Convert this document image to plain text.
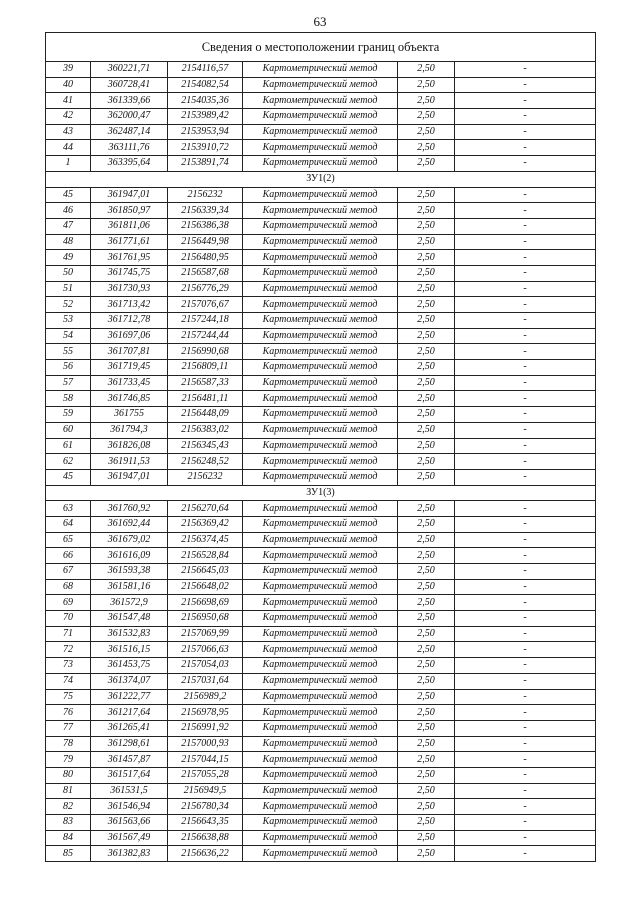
63
Сведения о местоположении границ объекта					
39	360221,71	2154116,57	Картометрический метод	2,50	-
40	360728,41	2154082,54	Картометрический метод	2,50	-
41	361339,66	2154035,36	Картометрический метод	2,50	-
42	362000,47	2153989,42	Картометрический метод	2,50	-
43	362487,14	2153953,94	Картометрический метод	2,50	-
44	363111,76	2153910,72	Картометрический метод	2,50	-
1	363395,64	2153891,74	Картометрический метод	2,50	-
ЗУ1(2)					
45	361947,01	2156232	Картометрический метод	2,50	-
46	361850,97	2156339,34	Картометрический метод	2,50	-
47	361811,06	2156386,38	Картометрический метод	2,50	-
48	361771,61	2156449,98	Картометрический метод	2,50	-
49	361761,95	2156480,95	Картометрический метод	2,50	-
50	361745,75	2156587,68	Картометрический метод	2,50	-
51	361730,93	2156776,29	Картометрический метод	2,50	-
52	361713,42	2157076,67	Картометрический метод	2,50	-
53	361712,78	2157244,18	Картометрический метод	2,50	-
54	361697,06	2157244,44	Картометрический метод	2,50	-
55	361707,81	2156990,68	Картометрический метод	2,50	-
56	361719,45	2156809,11	Картометрический метод	2,50	-
57	361733,45	2156587,33	Картометрический метод	2,50	-
58	361746,85	2156481,11	Картометрический метод	2,50	-
59	361755	2156448,09	Картометрический метод	2,50	-
60	361794,3	2156383,02	Картометрический метод	2,50	-
61	361826,08	2156345,43	Картометрический метод	2,50	-
62	361911,53	2156248,52	Картометрический метод	2,50	-
45	361947,01	2156232	Картометрический метод	2,50	-
ЗУ1(3)					
63	361760,92	2156270,64	Картометрический метод	2,50	-
64	361692,44	2156369,42	Картометрический метод	2,50	-
65	361679,02	2156374,45	Картометрический метод	2,50	-
66	361616,09	2156528,84	Картометрический метод	2,50	-
67	361593,38	2156645,03	Картометрический метод	2,50	-
68	361581,16	2156648,02	Картометрический метод	2,50	-
69	361572,9	2156698,69	Картометрический метод	2,50	-
70	361547,48	2156950,68	Картометрический метод	2,50	-
71	361532,83	2157069,99	Картометрический метод	2,50	-
72	361516,15	2157066,63	Картометрический метод	2,50	-
73	361453,75	2157054,03	Картометрический метод	2,50	-
74	361374,07	2157031,64	Картометрический метод	2,50	-
75	361222,77	2156989,2	Картометрический метод	2,50	-
76	361217,64	2156978,95	Картометрический метод	2,50	-
77	361265,41	2156991,92	Картометрический метод	2,50	-
78	361298,61	2157000,93	Картометрический метод	2,50	-
79	361457,87	2157044,15	Картометрический метод	2,50	-
80	361517,64	2157055,28	Картометрический метод	2,50	-
81	361531,5	2156949,5	Картометрический метод	2,50	-
82	361546,94	2156780,34	Картометрический метод	2,50	-
83	361563,66	2156643,35	Картометрический метод	2,50	-
84	361567,49	2156638,88	Картометрический метод	2,50	-
85	361382,83	2156636,22	Картометрический метод	2,50	-
